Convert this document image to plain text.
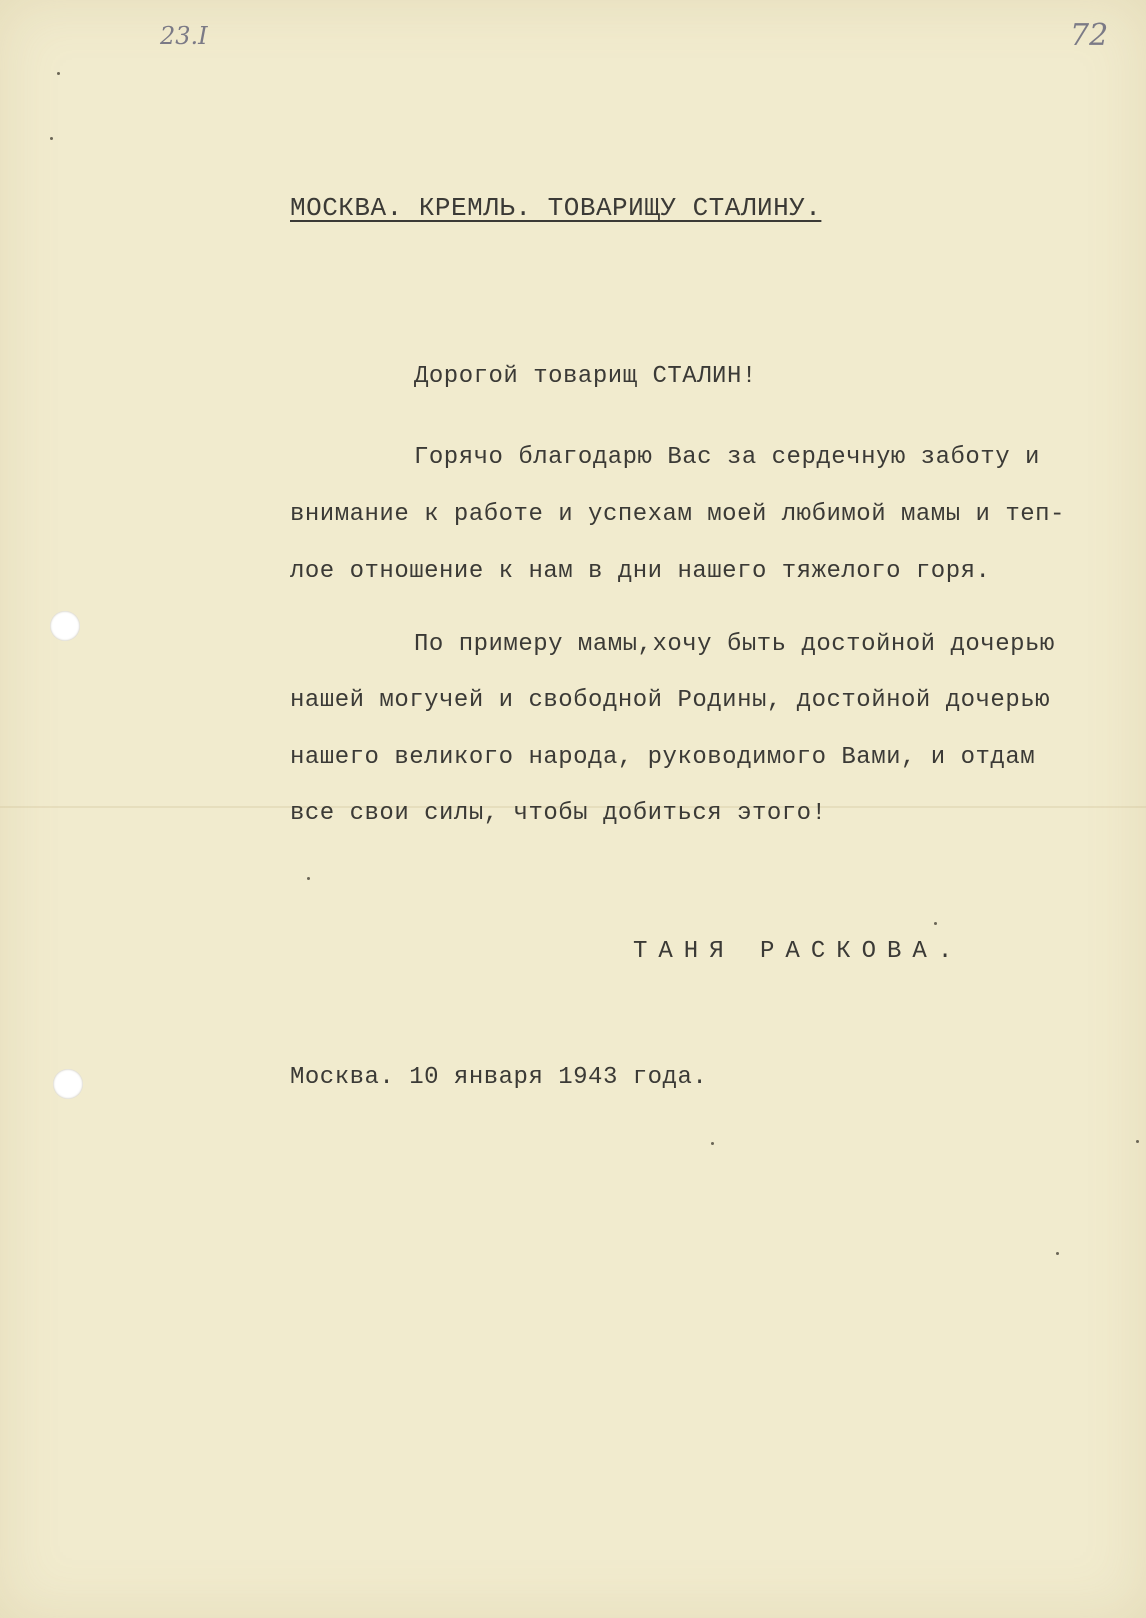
23.I	72
МОСКВА. КРЕМЛЬ. ТОВАРИЩУ СТАЛИНУ.
Дорогой товарищ СТАЛИН!
Горячо благодарю Вас за сердечную заботу и
внимание к работе и успехам моей любимой мамы и теп-
лое отношение к нам в дни нашего тяжелого горя.
По примеру мамы,хочу быть достойной дочерью
нашей могучей и свободной Родины, достойной дочерью
нашего великого народа, руководимого Вами, и отдам
все свои силы, чтобы добиться этого!
ТАНЯ РАСКОВА.
Москва. 10 января 1943 года.
